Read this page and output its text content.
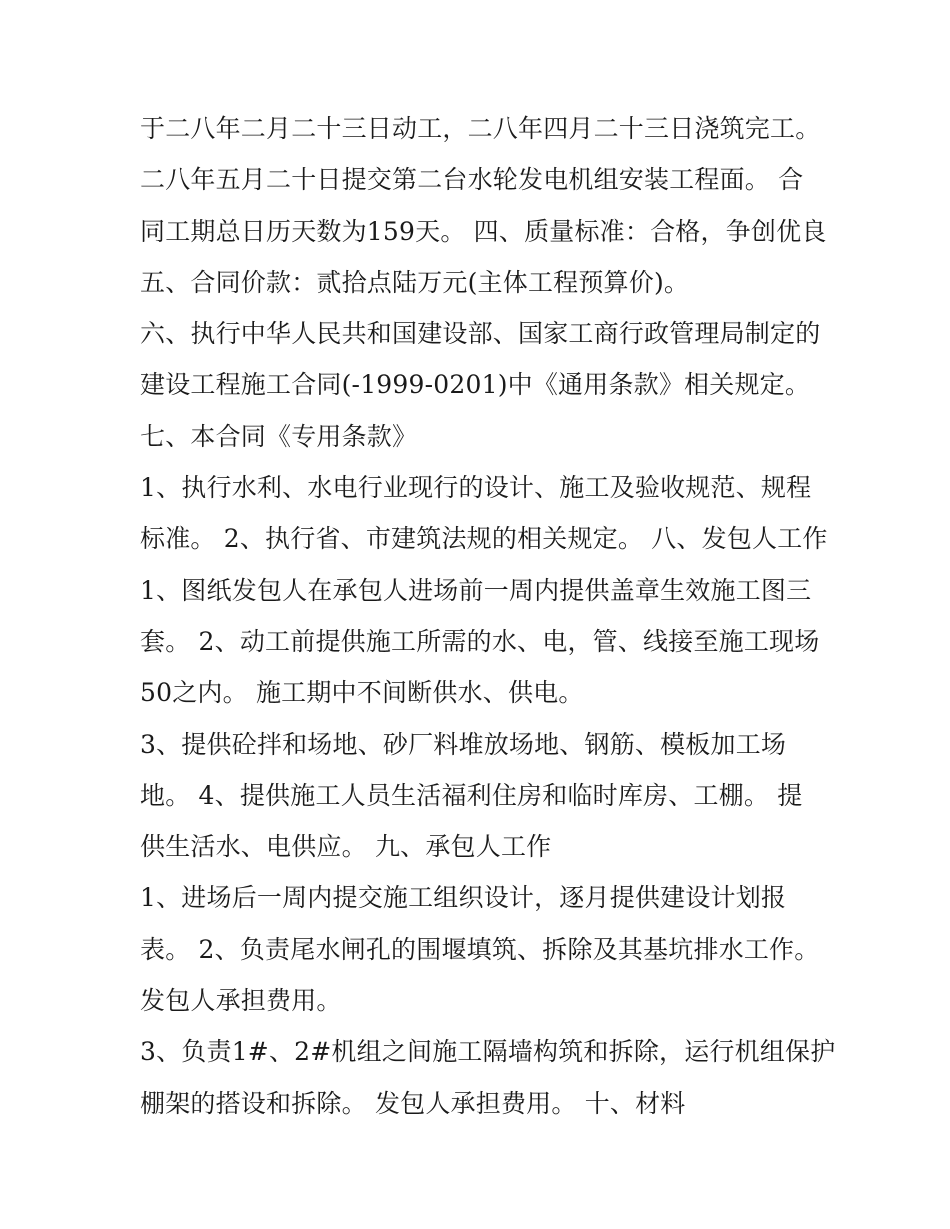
于二八年二月二十三日动工，二八年四月二十三日浇筑完工。
二八年五月二十日提交第二台水轮发电机组安装工程面。 合
同工期总日历天数为159天。 四、质量标准：合格，争创优良
五、合同价款：贰拾点陆万元(主体工程预算价)。
六、执行中华人民共和国建设部、国家工商行政管理局制定的
建设工程施工合同(-1999-0201)中《通用条款》相关规定。
七、本合同《专用条款》
1、执行水利、水电行业现行的设计、施工及验收规范、规程
标准。 2、执行省、市建筑法规的相关规定。 八、发包人工作
1、图纸发包人在承包人进场前一周内提供盖章生效施工图三
套。 2、动工前提供施工所需的水、电，管、线接至施工现场
50之内。 施工期中不间断供水、供电。
3、提供砼拌和场地、砂厂料堆放场地、钢筋、模板加工场
地。 4、提供施工人员生活福利住房和临时库房、工棚。 提
供生活水、电供应。 九、承包人工作
1、进场后一周内提交施工组织设计，逐月提供建设计划报
表。 2、负责尾水闸孔的围堰填筑、拆除及其基坑排水工作。
发包人承担费用。
3、负责1#、2#机组之间施工隔墙构筑和拆除，运行机组保护
棚架的搭设和拆除。 发包人承担费用。 十、材料
